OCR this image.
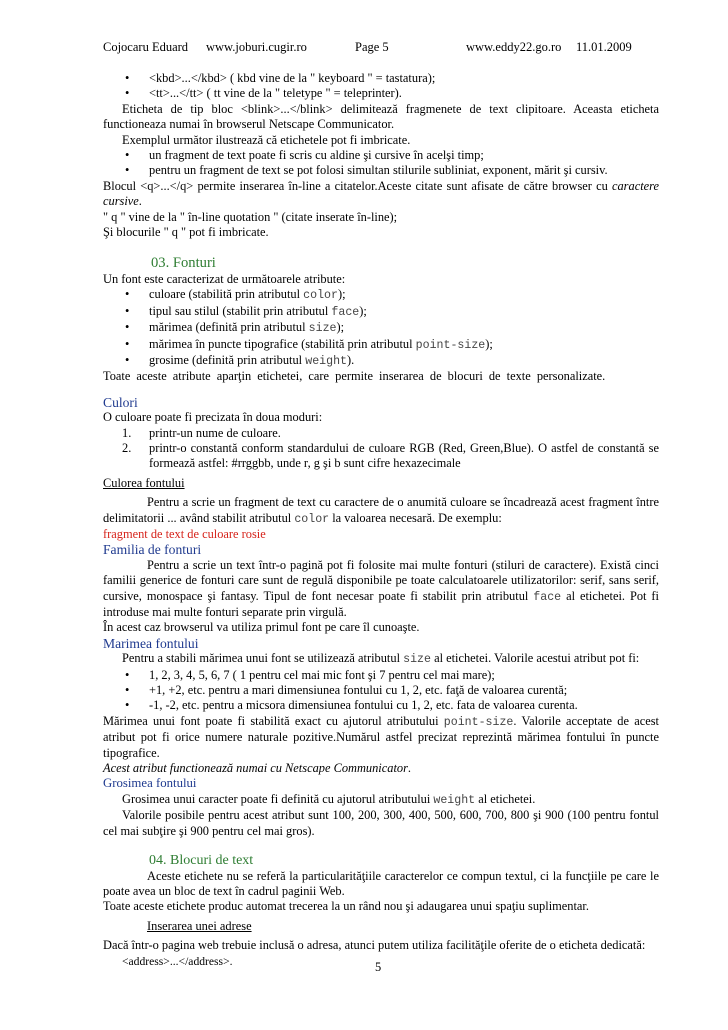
Cojocaru Eduard www.joburi.cugir.ro	Page 5	www.eddy22.go.ro 11.01.2009
• <kbd>...</kbd> ( kbd vine de la " keyboard " = tastatura);
• <tt>...</tt> ( tt vine de la " teletype " = teleprinter).

Eticheta de tip bloc <blink>...</blink> delimitează fragmenete de text clipitoare. Aceasta eticheta functioneaza numai în browserul Netscape Communicator.

Exemplul următor ilustrează că etichetele pot fi imbricate.

• un fragment de text poate fi scris cu aldine şi cursive în acelşi timp;
• pentru un fragment de text se pot folosi simultan stilurile subliniat, exponent, mărit şi cursiv.

Blocul <q>...</q> permite inserarea în-line a citatelor.Aceste citate sunt afisate de către browser cu caractere cursive.

" q " vine de la " în-line quotation " (citate inserate în-line);

Şi blocurile " q " pot fi imbricate.

03. Fonturi

Un font este caracterizat de următoarele atribute:

• culoare (stabilită prin atributul color);
• tipul sau stilul (stabilit prin atributul face);
• mărimea (definită prin atributul size);
• mărimea în puncte tipografice (stabilită prin atributul point-size);
• grosime (definită prin atributul weight).

Toate aceste atribute aparţin etichetei, care permite inserarea de blocuri de texte personalizate.

Culori

O culoare poate fi precizata în doua moduri:

1. printr-un nume de culoare.
2. printr-o constantă conform standardului de culoare RGB (Red, Green,Blue). O astfel de constantă se formează astfel: #rrggbb, unde r, g şi b sunt cifre hexazecimale

Culorea fontului

Pentru a scrie un fragment de text cu caractere de o anumită culoare se încadrează acest fragment între delimitatorii ... având stabilit atributul color la valoarea necesară. De exemplu:

fragment de text de culoare rosie

Familia de fonturi

Pentru a scrie un text într-o pagină pot fi folosite mai multe fonturi (stiluri de caractere). Există cinci familii generice de fonturi care sunt de regulă disponibile pe toate calculatoarele utilizatorilor: serif, sans serif, cursive, monospace şi fantasy. Tipul de font necesar poate fi stabilit prin atributul face al etichetei. Pot fi introduse mai multe fonturi separate prin virgulă.

În acest caz browserul va utiliza primul font pe care îl cunoaşte.

Marimea fontului

Pentru a stabili mărimea unui font se utilizează atributul size al etichetei. Valorile acestui atribut pot fi:

• 1, 2, 3, 4, 5, 6, 7 ( 1 pentru cel mai mic font şi 7 pentru cel mai mare);
• +1, +2, etc. pentru a mari dimensiunea fontului cu 1, 2, etc. faţă de valoarea curentă;
• -1, -2, etc. pentru a micsora dimensiunea fontului cu 1, 2, etc. fata de valoarea curenta.

Mărimea unui font poate fi stabilită exact cu ajutorul atributului point-size. Valorile acceptate de acest atribut pot fi orice numere naturale pozitive.Numărul astfel precizat reprezintă mărimea fontului în puncte tipografice.

Acest atribut functionează numai cu Netscape Communicator.

Grosimea fontului

Grosimea unui caracter poate fi definită cu ajutorul atributului weight al etichetei.

Valorile posibile pentru acest atribut sunt 100, 200, 300, 400, 500, 600, 700, 800 şi 900 (100 pentru fontul cel mai subţire şi 900 pentru cel mai gros).

04. Blocuri de text

Aceste etichete nu se referă la particularităţiile caracterelor ce compun textul, ci la funcţiile pe care le poate avea un bloc de text în cadrul paginii Web.

Toate aceste etichete produc automat trecerea la un rând nou şi adaugarea unui spaţiu suplimentar.

Inserarea unei adrese

Dacă într-o pagina web trebuie inclusă o adresa, atunci putem utiliza facilităţile oferite de o eticheta dedicată:

<address>...</address>.	5
